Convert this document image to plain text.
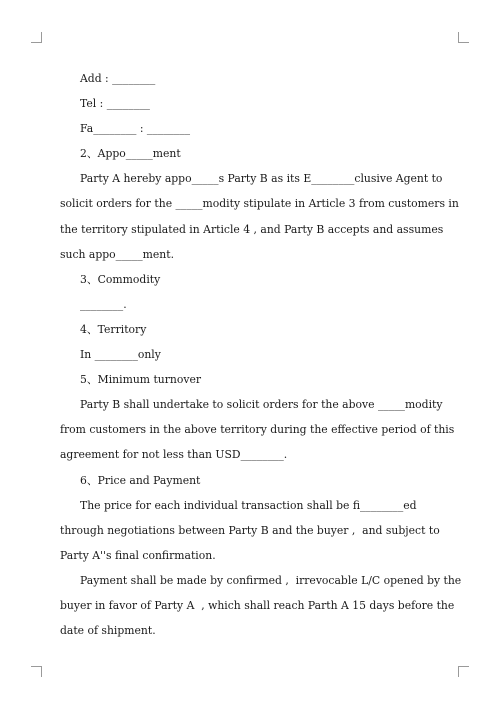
Add : ________
Tel : ________
Fa________ : ________
2、Appo_____ment
Party A hereby appo_____s Party B as its E________clusive Agent to
solicit orders for the _____modity stipulate in Article 3 from customers in
the territory stipulated in Article 4 , and Party B accepts and assumes
such appo_____ment.
3、Commodity
________.
4、Territory
In ________only
5、Minimum turnover
Party B shall undertake to solicit orders for the above _____modity
from customers in the above territory during the effective period of this
agreement for not less than USD________.
6、Price and Payment
The price for each individual transaction shall be fi________ed
through negotiations between Party B and the buyer ,  and subject to
Party A''s final confirmation.
Payment shall be made by confirmed ,  irrevocable L/C opened by the
buyer in favor of Party A  , which shall reach Parth A 15 days before the
date of shipment.
